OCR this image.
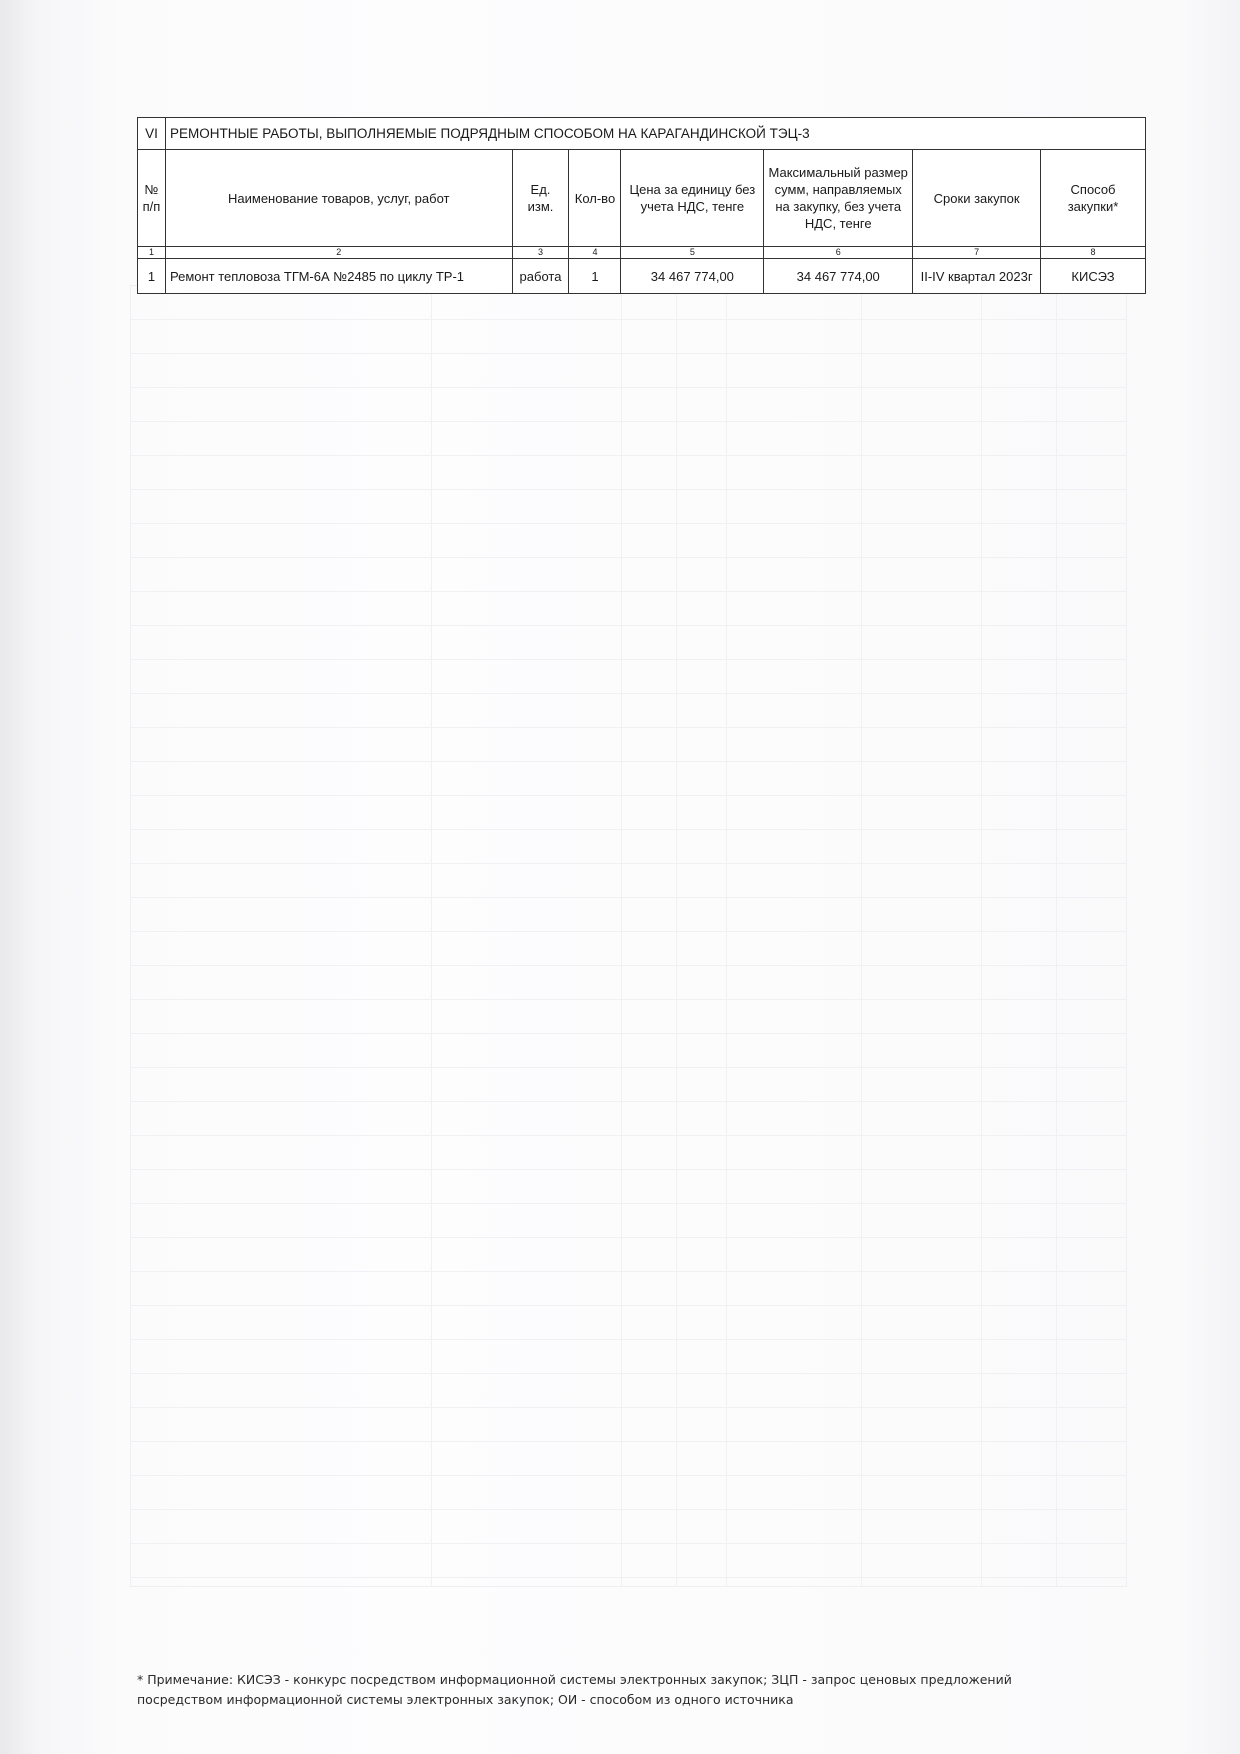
VI	РЕМОНТНЫЕ РАБОТЫ, ВЫПОЛНЯЕМЫЕ ПОДРЯДНЫМ СПОСОБОМ НА КАРАГАНДИНСКОЙ ТЭЦ-3						
№ п/п	Наименование товаров, услуг, работ	Ед. изм.	Кол-во	Цена за единицу без учета НДС, тенге	Максимальный размер сумм, направляемых на закупку, без учета НДС, тенге	Сроки закупок	Способ закупки*
1	2	3	4	5	6	7	8
1	Ремонт тепловоза ТГМ-6А №2485 по циклу ТР-1	работа	1	34 467 774,00	34 467 774,00	II-IV квартал 2023г	КИСЭЗ
* Примечание: КИСЭЗ - конкурс посредством информационной системы электронных закупок; ЗЦП - запрос ценовых предложений посредством информационной системы электронных закупок; ОИ - способом из одного источника
